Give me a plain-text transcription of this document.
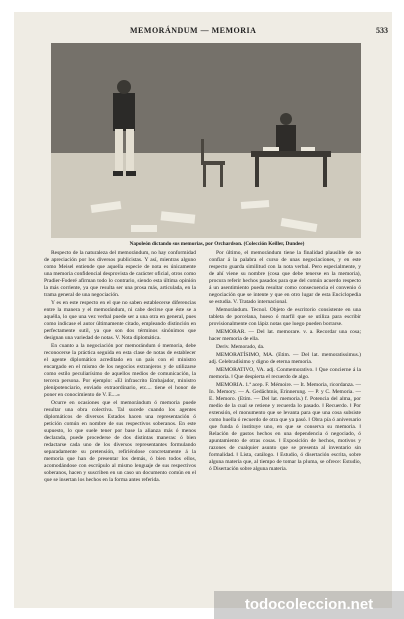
MEMORÁNDUM — MEMORIA	533
Napoleón dictando sus memorias, por Orchardson. (Colección Keiller, Dundee)

Respecto de la naturaleza del memorándum, no hay conformidad de apreciación por los diversos publicistas. Y así, mientras alguno como Meisel entiende que aquella especie de nota es únicamente una memoria confidencial desprovista de carácter oficial, otros como Pradier-Foderé afirman todo lo contrario, siendo esta última opinión la más corriente, ya que resulta ser una prosa más, articulada, en la trama general de una negociación.

Y es en este respecto en el que no saben establecerse diferencias entre la manera y el memorándum, ni cabe decirse que éste se a aquélla, lo que una vez verbal puede ser a una otra en general, pues como indicase el autor últimamente citado, empleando distinción en perfectamente sutil, ya que son dos términos sinónimos que designan una variedad de notas. V. Nota diplomática.

En cuanto a la negociación por memorándum ó memoria, debe reconocerse la práctica seguida en esta clase de notas de establecer el agente diplomático acreditado en un país con el ministro encargado en el mismo de los negocios extranjeros y de utilizarse como estilo peculiarísimo de aquellos medios de comunicación, la tercera persona. Por ejemplo: «El infrascrito Embajador, ministro plenipotenciario, enviado extraordinario, etc.... tiene el honor de poner en conocimiento de V. E....»

Ocurre en ocasiones que el memorándum ó memoria puede resultar una obra colectiva. Tal sucede cuando los agentes diplomáticos de diversos Estados hacen una representación ó petición común en nombre de sus respectivos soberanos. En este supuesto, lo que suele tener por base la alianza más ó menos declarada, puede procederse de dos distintas maneras: ó bien redactarse cada uno de los diversos representantes formulando separadamente su pretensión, refiriéndose concretamente á la memoria que han de presentar los demás, ó bien todos ellos, acomodándose con escrúpulo al mismo lenguaje de sus respectivos soberanos, hacen y suscriben en un caso un documento común en el que se insertan los hechos en la forma antes referida.

Por último, el memorándum tiene la finalidad plausible de no confiar á la palabra el curso de unas negociaciones, y en este respecto guarda similitud con la nota verbal. Pero especialmente, y de ahí viene su nombre (cosa que debe tenerse en la memoria), procura referir hechos pasados para que del común acuerdo respecto á un asentimiento pueda resultar como consecuencia el convenio ó negociación que se intente y que en otro lugar de esta Enciclopedia se estudia. V. Tratado internacional.

Memorándum. Tecnol. Objeto de escritorio consistente en una tableta de porcelana, hueso ó marfil que se utiliza para escribir provisionalmente con lápiz notas que luego pueden borrarse.

MEMORAR. — Del lat. memorare. v. a. Recordar una cosa; hacer memoria de ella.

Deriv. Memorado, da.

MEMORATÍSIMO, MA. (Etim. — Del lat. memoratissimus.) adj. Celebradísimo y digno de eterna memoria.

MEMORATIVO, VA. adj. Conmemorativo. ‖ Que concierne á la memoria. ‖ Que despierta el recuerdo de algo.

MEMORIA. 1.ª acep. F. Mémoire. — It. Memoria, ricordanza. — In. Memory. — A. Gedächtnis, Erinnerung. — P. y C. Memoria. — E. Memoro. (Etim. — Del lat. memoria.) f. Potencia del alma, por medio de la cual se retiene y recuerda lo pasado. ‖ Recuerdo. ‖ Por extensión, el monumento que se levanta para que una cosa subsiste como huella ó recuerdo de otra que ya pasó. ‖ Obra pía ó aniversario que funda ó instituye uno, en que se conserva su memoria. ‖ Relación de gastos hechos en una dependencia ó negociado, ó apuntamiento de otras cosas. ‖ Exposición de hechos, motivos y razones de cualquier asunto que se presenta al inventario sin formalidad. ‖ Lista, catálogo. ‖ Estudio, ó disertación escrita, sobre alguna materia que, al tiempo de tomar la pluma, se ofrece: Estudio, ó Disertación sobre alguna materia.

todocoleccion.net
